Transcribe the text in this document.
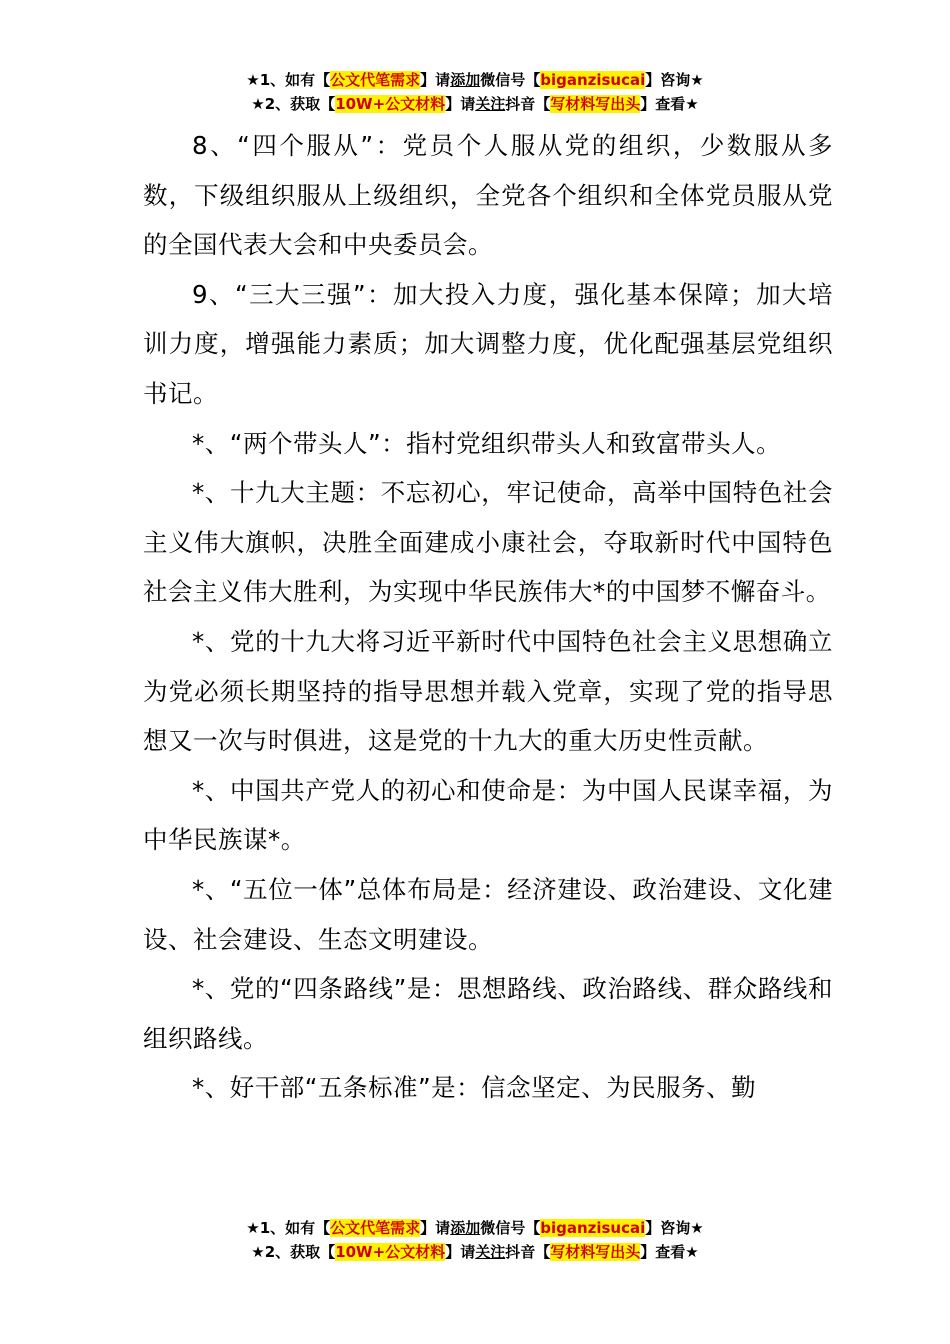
★1、如有【公文代笔需求】请添加微信号【biganzisucai】咨询★
★2、获取【10W+公文材料】请关注抖音【写材料写出头】查看★

8、“四个服从”：党员个人服从党的组织，少数服从多数，下级组织服从上级组织，全党各个组织和全体党员服从党的全国代表大会和中央委员会。

9、“三大三强”：加大投入力度，强化基本保障；加大培训力度，增强能力素质；加大调整力度，优化配强基层党组织书记。

*、“两个带头人”：指村党组织带头人和致富带头人。

*、十九大主题：不忘初心，牢记使命，高举中国特色社会主义伟大旗帜，决胜全面建成小康社会，夺取新时代中国特色社会主义伟大胜利，为实现中华民族伟大*的中国梦不懈奋斗。

*、党的十九大将习近平新时代中国特色社会主义思想确立为党必须长期坚持的指导思想并载入党章，实现了党的指导思想又一次与时俱进，这是党的十九大的重大历史性贡献。

*、中国共产党人的初心和使命是：为中国人民谋幸福，为中华民族谋*。

*、“五位一体”总体布局是：经济建设、政治建设、文化建设、社会建设、生态文明建设。

*、党的“四条路线”是：思想路线、政治路线、群众路线和组织路线。

*、好干部“五条标准”是：信念坚定、为民服务、勤

★1、如有【公文代笔需求】请添加微信号【biganzisucai】咨询★
★2、获取【10W+公文材料】请关注抖音【写材料写出头】查看★
